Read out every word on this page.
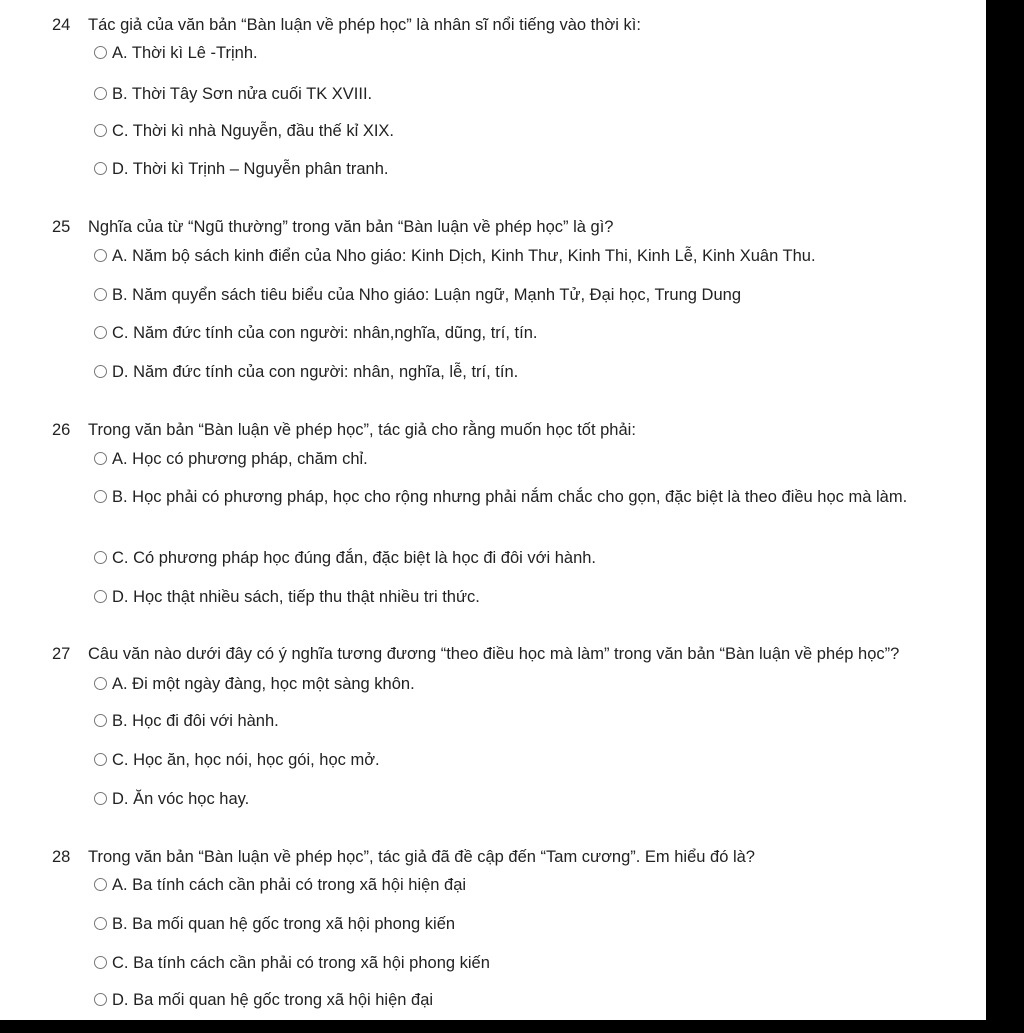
24 Tác giả của văn bản “Bàn luận về phép học” là nhân sĩ nổi tiếng vào thời kì:
A. Thời kì Lê -Trịnh.
B. Thời Tây Sơn nửa cuối TK XVIII.
C. Thời kì nhà Nguyễn, đầu thế kỉ XIX.
D. Thời kì Trịnh – Nguyễn phân tranh.
25 Nghĩa của từ “Ngũ thường” trong văn bản “Bàn luận về phép học” là gì?
A. Năm bộ sách kinh điển của Nho giáo: Kinh Dịch, Kinh Thư, Kinh Thi, Kinh Lễ, Kinh Xuân Thu.
B. Năm quyển sách tiêu biểu của Nho giáo: Luận ngữ, Mạnh Tử, Đại học, Trung Dung
C. Năm đức tính của con người: nhân,nghĩa, dũng, trí, tín.
D. Năm đức tính của con người: nhân, nghĩa, lễ, trí, tín.
26 Trong văn bản “Bàn luận về phép học”, tác giả cho rằng muốn học tốt phải:
A. Học có phương pháp, chăm chỉ.
B. Học phải có phương pháp, học cho rộng nhưng phải nắm chắc cho gọn, đặc biệt là theo điều học mà làm.
C. Có phương pháp học đúng đắn, đặc biệt là học đi đôi với hành.
D. Học thật nhiều sách, tiếp thu thật nhiều tri thức.
27 Câu văn nào dưới đây có ý nghĩa tương đương “theo điều học mà làm” trong văn bản “Bàn luận về phép học”?
A. Đi một ngày đàng, học một sàng khôn.
B. Học đi đôi với hành.
C. Học ăn, học nói, học gói, học mở.
D. Ăn vóc học hay.
28 Trong văn bản “Bàn luận về phép học”, tác giả đã đề cập đến “Tam cương”. Em hiểu đó là?
A. Ba tính cách cần phải có trong xã hội hiện đại
B. Ba mối quan hệ gốc trong xã hội phong kiến
C. Ba tính cách cần phải có trong xã hội phong kiến
D. Ba mối quan hệ gốc trong xã hội hiện đại
